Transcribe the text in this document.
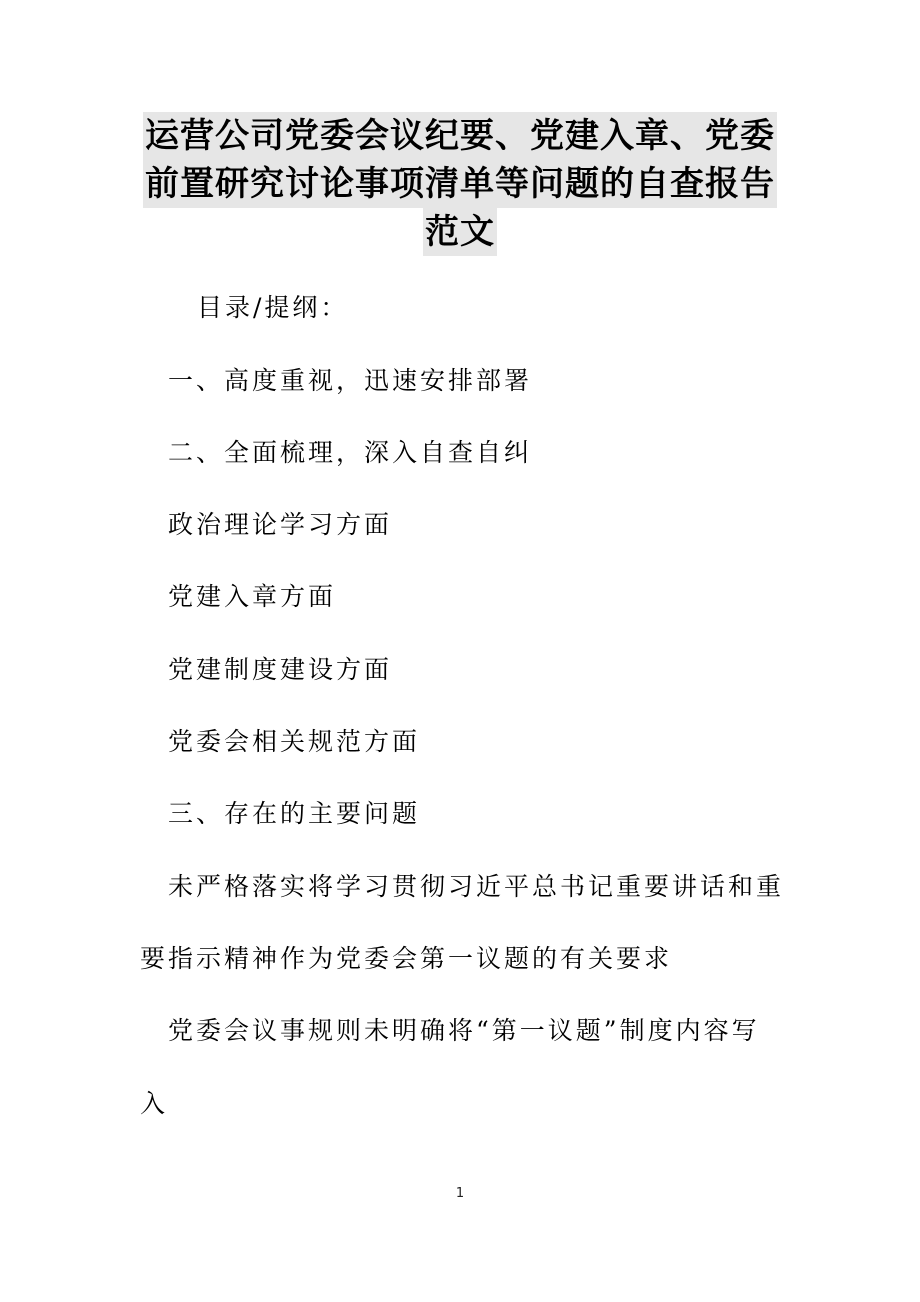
运营公司党委会议纪要、党建入章、党委
前置研究讨论事项清单等问题的自查报告
范文
目录/提纲：
一、高度重视，迅速安排部署
二、全面梳理，深入自查自纠
政治理论学习方面
党建入章方面
党建制度建设方面
党委会相关规范方面
三、存在的主要问题
未严格落实将学习贯彻习近平总书记重要讲话和重
要指示精神作为党委会第一议题的有关要求
党委会议事规则未明确将“第一议题”制度内容写
入
1
